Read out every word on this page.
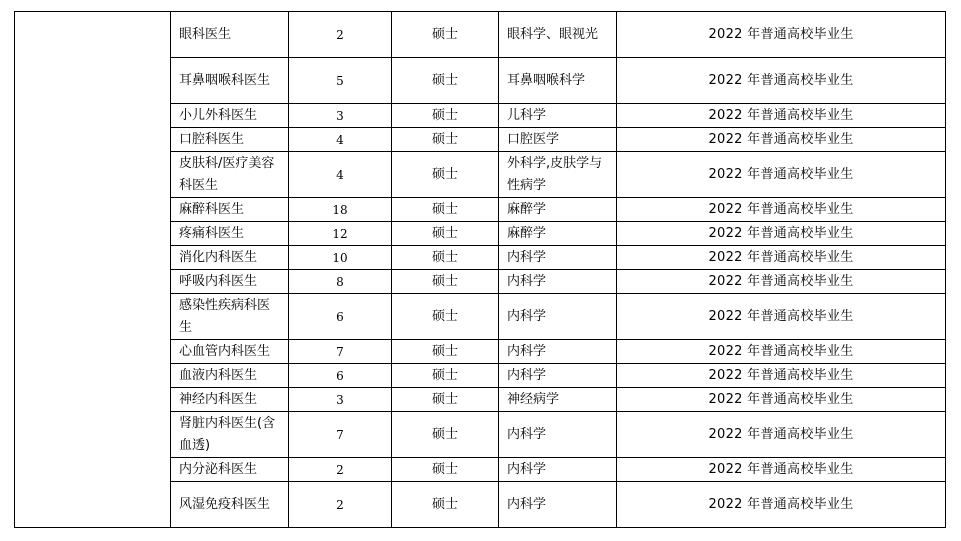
	眼科医生	2	硕士	眼科学、眼视光	2022 年普通高校毕业生
	耳鼻咽喉科医生	5	硕士	耳鼻咽喉科学	2022 年普通高校毕业生
	小儿外科医生	3	硕士	儿科学	2022 年普通高校毕业生
	口腔科医生	4	硕士	口腔医学	2022 年普通高校毕业生
	皮肤科/医疗美容科医生	4	硕士	外科学,皮肤学与性病学	2022 年普通高校毕业生
	麻醉科医生	18	硕士	麻醉学	2022 年普通高校毕业生
	疼痛科医生	12	硕士	麻醉学	2022 年普通高校毕业生
	消化内科医生	10	硕士	内科学	2022 年普通高校毕业生
	呼吸内科医生	8	硕士	内科学	2022 年普通高校毕业生
	感染性疾病科医生	6	硕士	内科学	2022 年普通高校毕业生
	心血管内科医生	7	硕士	内科学	2022 年普通高校毕业生
	血液内科医生	6	硕士	内科学	2022 年普通高校毕业生
	神经内科医生	3	硕士	神经病学	2022 年普通高校毕业生
	肾脏内科医生(含血透)	7	硕士	内科学	2022 年普通高校毕业生
	内分泌科医生	2	硕士	内科学	2022 年普通高校毕业生
	风湿免疫科医生	2	硕士	内科学	2022 年普通高校毕业生
